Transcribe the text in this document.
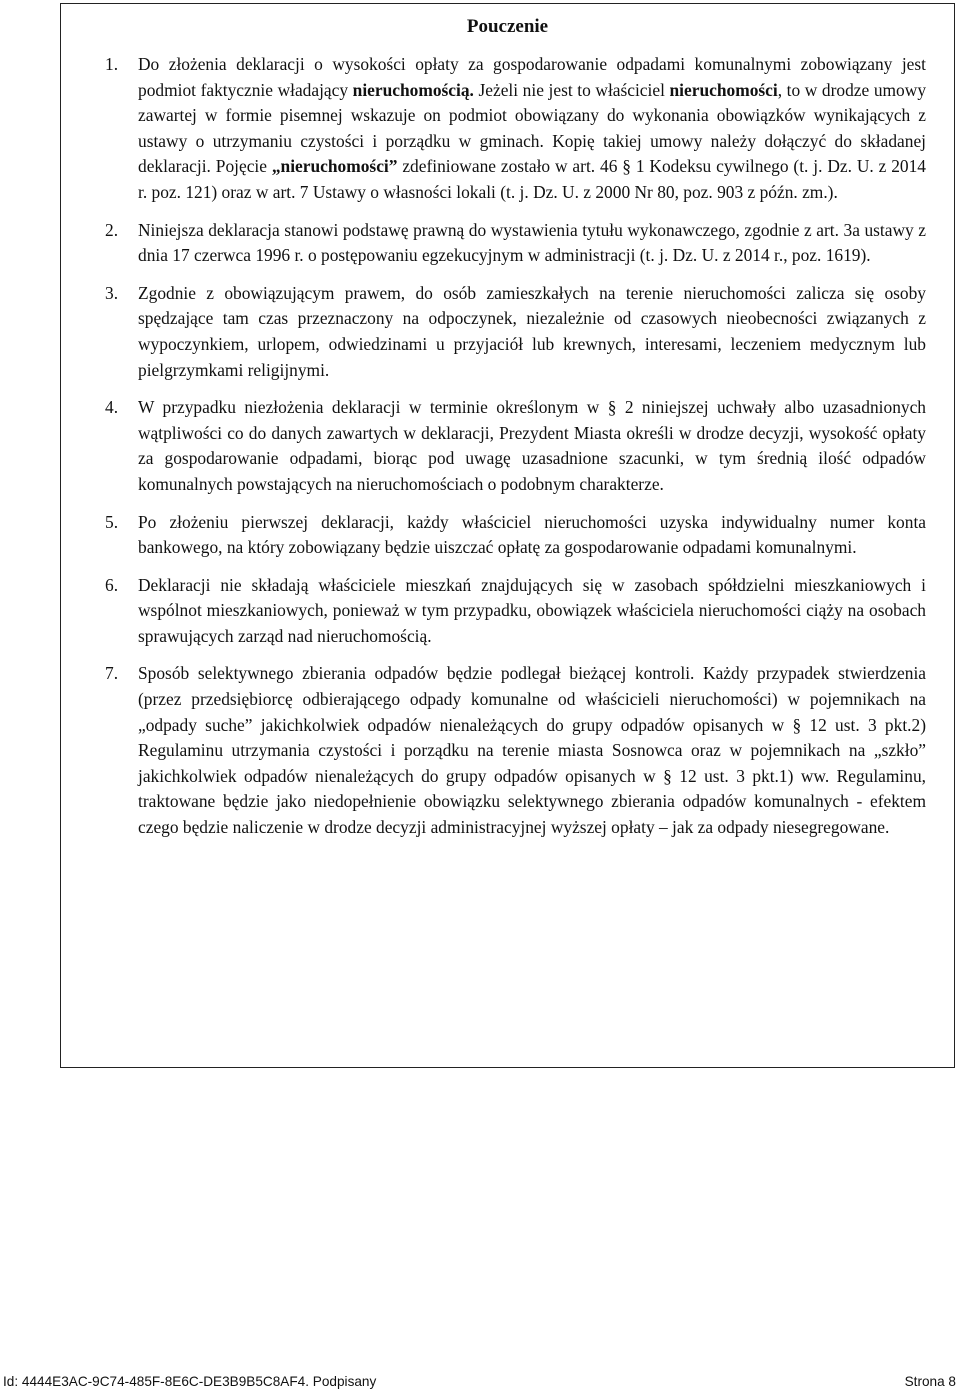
Pouczenie
1. Do złożenia deklaracji o wysokości opłaty za gospodarowanie odpadami komunalnymi zobowiązany jest podmiot faktycznie władający nieruchomością. Jeżeli nie jest to właściciel nieruchomości, to w drodze umowy zawartej w formie pisemnej wskazuje on podmiot obowiązany do wykonania obowiązków wynikających z ustawy o utrzymaniu czystości i porządku w gminach. Kopię takiej umowy należy dołączyć do składanej deklaracji. Pojęcie „nieruchomości” zdefiniowane zostało w art. 46 § 1 Kodeksu cywilnego (t. j. Dz. U. z 2014 r. poz. 121) oraz w art. 7 Ustawy o własności lokali (t. j. Dz. U. z 2000 Nr 80, poz. 903 z późn. zm.).
2. Niniejsza deklaracja stanowi podstawę prawną do wystawienia tytułu wykonawczego, zgodnie z art. 3a ustawy z dnia 17 czerwca 1996 r. o postępowaniu egzekucyjnym w administracji (t. j. Dz. U. z 2014 r., poz. 1619).
3. Zgodnie z obowiązującym prawem, do osób zamieszkałych na terenie nieruchomości zalicza się osoby spędzające tam czas przeznaczony na odpoczynek, niezależnie od czasowych nieobecności związanych z wypoczynkiem, urlopem, odwiedzinami u przyjaciół lub krewnych, interesami, leczeniem medycznym lub pielgrzymkami religijnymi.
4. W przypadku niezłożenia deklaracji w terminie określonym w § 2 niniejszej uchwały albo uzasadnionych wątpliwości co do danych zawartych w deklaracji, Prezydent Miasta określi w drodze decyzji, wysokość opłaty za gospodarowanie odpadami, biorąc pod uwagę uzasadnione szacunki, w tym średnią ilość odpadów komunalnych powstających na nieruchomościach o podobnym charakterze.
5. Po złożeniu pierwszej deklaracji, każdy właściciel nieruchomości uzyska indywidualny numer konta bankowego, na który zobowiązany będzie uiszczać opłatę za gospodarowanie odpadami komunalnymi.
6. Deklaracji nie składają właściciele mieszkań znajdujących się w zasobach spółdzielni mieszkaniowych i wspólnot mieszkaniowych, ponieważ w tym przypadku, obowiązek właściciela nieruchomości ciąży na osobach sprawujących zarząd nad nieruchomością.
7. Sposób selektywnego zbierania odpadów będzie podlegał bieżącej kontroli. Każdy przypadek stwierdzenia (przez przedsiębiorcę odbierającego odpady komunalne od właścicieli nieruchomości) w pojemnikach na „odpady suche” jakichkolwiek odpadów nienależących do grupy odpadów opisanych w § 12 ust. 3 pkt.2) Regulaminu utrzymania czystości i porządku na terenie miasta Sosnowca oraz w pojemnikach na „szkło” jakichkolwiek odpadów nienależących do grupy odpadów opisanych w § 12 ust. 3 pkt.1) ww. Regulaminu, traktowane będzie jako niedopełnienie obowiązku selektywnego zbierania odpadów komunalnych - efektem czego będzie naliczenie w drodze decyzji administracyjnej wyższej opłaty – jak za odpady niesegregowane.
Id: 4444E3AC-9C74-485F-8E6C-DE3B9B5C8AF4. Podpisany	Strona 8
